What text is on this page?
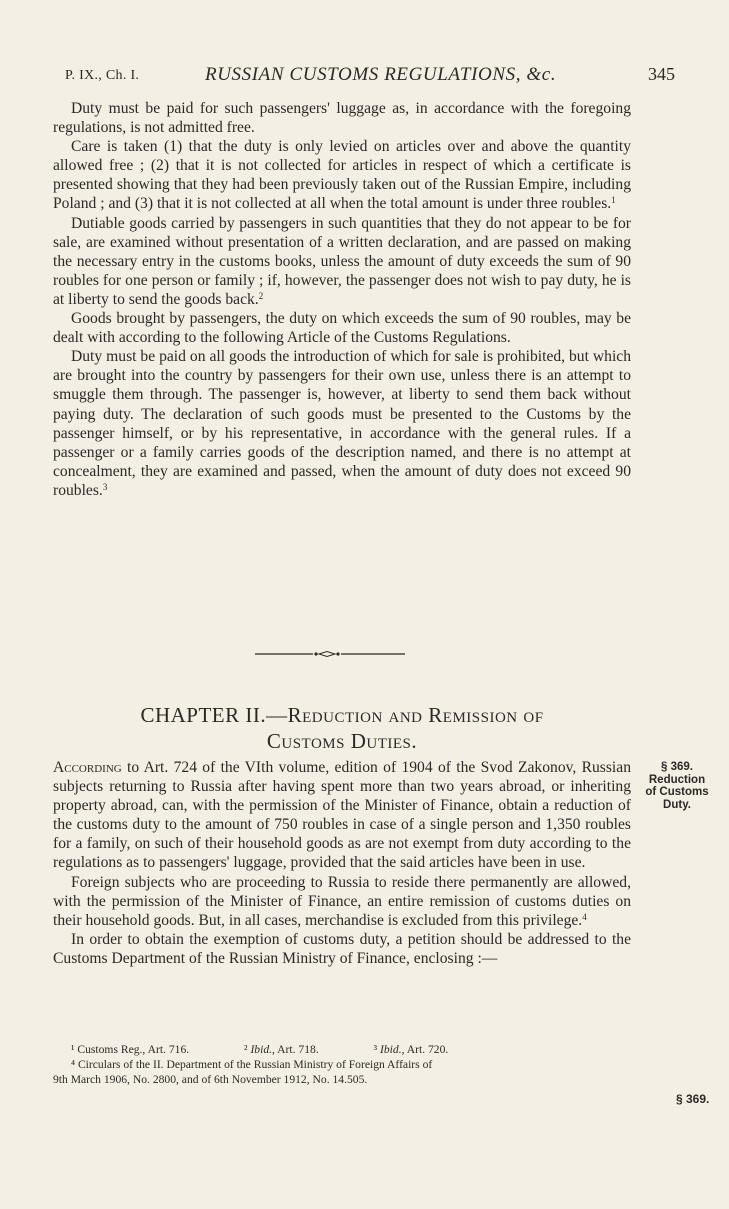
P. IX., Ch. I.	RUSSIAN CUSTOMS REGULATIONS, &c.	345

Duty must be paid for such passengers' luggage as, in accordance with the foregoing regulations, is not admitted free.

Care is taken (1) that the duty is only levied on articles over and above the quantity allowed free ; (2) that it is not collected for articles in respect of which a certificate is presented showing that they had been previously taken out of the Russian Empire, including Poland ; and (3) that it is not collected at all when the total amount is under three roubles.$^1$

Dutiable goods carried by passengers in such quantities that they do not appear to be for sale, are examined without presentation of a written declaration, and are passed on making the necessary entry in the customs books, unless the amount of duty exceeds the sum of 90 roubles for one person or family ; if, however, the passenger does not wish to pay duty, he is at liberty to send the goods back.$^2$

Goods brought by passengers, the duty on which exceeds the sum of 90 roubles, may be dealt with according to the following Article of the Customs Regulations.

Duty must be paid on all goods the introduction of which for sale is prohibited, but which are brought into the country by passengers for their own use, unless there is an attempt to smuggle them through. The passenger is, however, at liberty to send them back without paying duty. The declaration of such goods must be presented to the Customs by the passenger himself, or by his representative, in accordance with the general rules. If a passenger or a family carries goods of the description named, and there is no attempt at concealment, they are examined and passed, when the amount of duty does not exceed 90 roubles.$^3$

CHAPTER II.—Reduction and Remission of
Customs Duties.

According to Art. 724 of the VIth volume, edition of 1904 of the Svod Zakonov, Russian subjects returning to Russia after having spent more than two years abroad, or inheriting property abroad, can, with the permission of the Minister of Finance, obtain a reduction of the customs duty to the amount of 750 roubles in case of a single person and 1,350 roubles for a family, on such of their household goods as are not exempt from duty according to the regulations as to passengers' luggage, provided that the said articles have been in use.

Foreign subjects who are proceeding to Russia to reside there permanently are allowed, with the permission of the Minister of Finance, an entire remission of customs duties on their household goods. But, in all cases, merchandise is excluded from this privilege.$^4$

In order to obtain the exemption of customs duty, a petition should be addressed to the Customs Department of the Russian Ministry of Finance, enclosing :—

§ 369.
Reduction
of Customs
Duty.
¹ Customs Reg., Art. 716.	² Ibid., Art. 718.	³ Ibid., Art. 720.
⁴ Circulars of the II. Department of the Russian Ministry of Foreign Affairs of
9th March 1906, No. 2800, and of 6th November 1912, No. 14.505.
§ 369.
